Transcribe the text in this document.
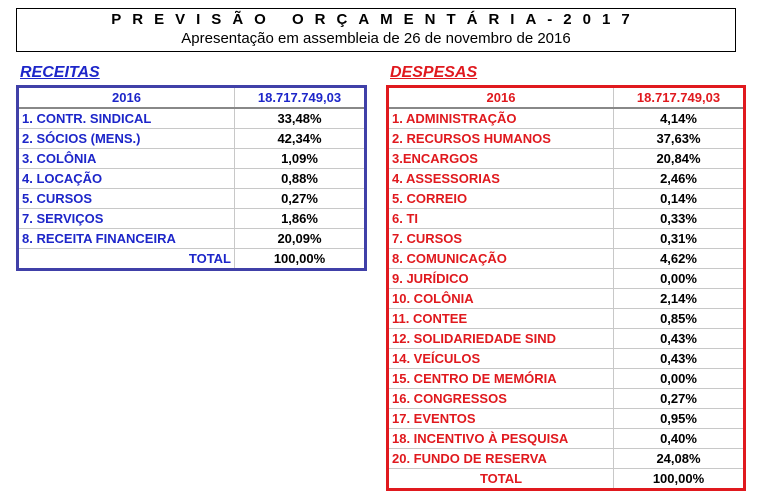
PREVISÃO ORÇAMENTÁRIA-2017
Apresentação em assembleia de 26 de novembro de 2016
RECEITAS	DESPESAS
2016	18.717.749,03
1. CONTR. SINDICAL	33,48%
2. SÓCIOS (MENS.)	42,34%
3. COLÔNIA	1,09%
4. LOCAÇÃO	0,88%
5. CURSOS	0,27%
7. SERVIÇOS	1,86%
8. RECEITA FINANCEIRA	20,09%
TOTAL	100,00%
2016	18.717.749,03
1. ADMINISTRAÇÃO	4,14%
2. RECURSOS HUMANOS	37,63%
3.ENCARGOS	20,84%
4. ASSESSORIAS	2,46%
5. CORREIO	0,14%
6. TI	0,33%
7. CURSOS	0,31%
8. COMUNICAÇÃO	4,62%
9. JURÍDICO	0,00%
10. COLÔNIA	2,14%
11. CONTEE	0,85%
12. SOLIDARIEDADE SIND	0,43%
14. VEÍCULOS	0,43%
15. CENTRO DE MEMÓRIA	0,00%
16. CONGRESSOS	0,27%
17. EVENTOS	0,95%
18. INCENTIVO À PESQUISA	0,40%
20. FUNDO DE RESERVA	24,08%
TOTAL	100,00%
